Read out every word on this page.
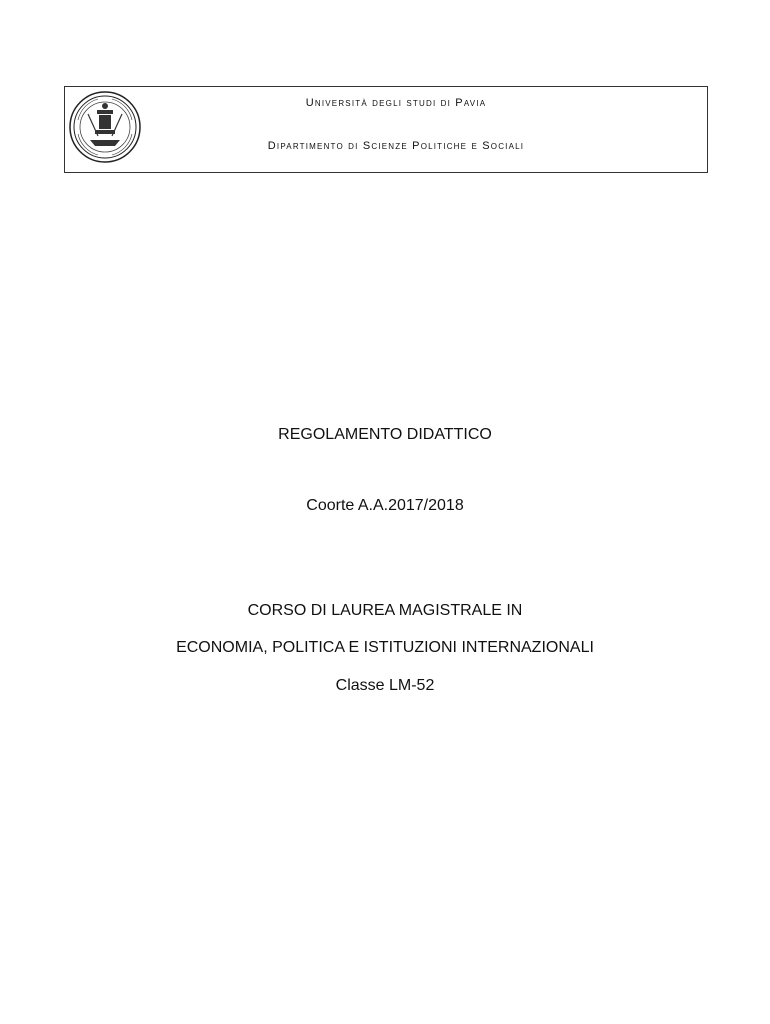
Università degli studi di Pavia
Dipartimento di Scienze Politiche e Sociali
REGOLAMENTO DIDATTICO
Coorte A.A.2017/2018
CORSO DI LAUREA MAGISTRALE IN
ECONOMIA, POLITICA E ISTITUZIONI INTERNAZIONALI
Classe LM-52
